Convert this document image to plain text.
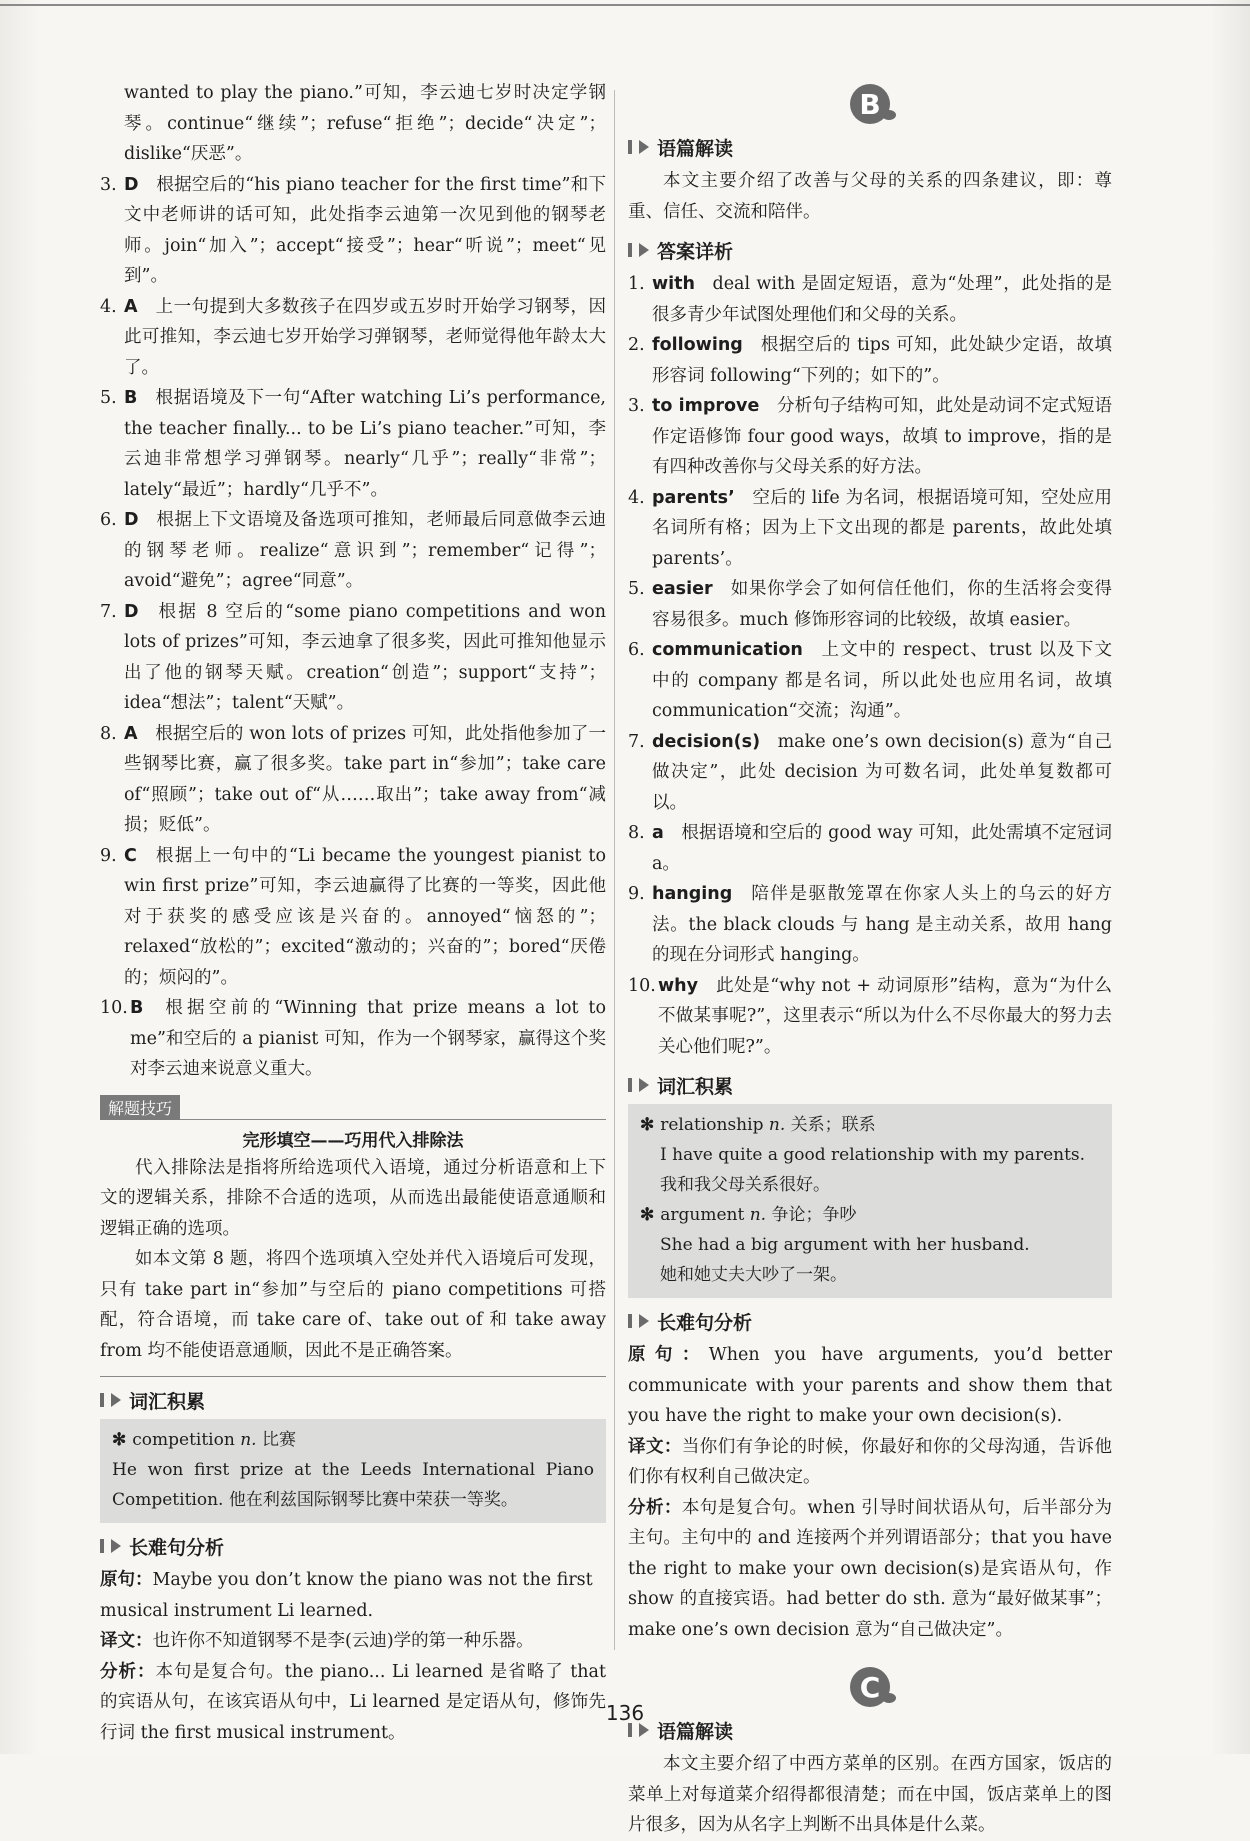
wanted to play the piano.”可知，李云迪七岁时决定学钢琴。continue“继续”；refuse“拒绝”；decide“决定”；dislike“厌恶”。

3. D  根据空后的“his piano teacher for the first time”和下文中老师讲的话可知，此处指李云迪第一次见到他的钢琴老师。join“加入”；accept“接受”；hear“听说”；meet“见到”。

4. A  上一句提到大多数孩子在四岁或五岁时开始学习钢琴，因此可推知，李云迪七岁开始学习弹钢琴，老师觉得他年龄太大了。

5. B  根据语境及下一句“After watching Li’s performance, the teacher finally... to be Li’s piano teacher.”可知，李云迪非常想学习弹钢琴。nearly“几乎”；really“非常”；lately“最近”；hardly“几乎不”。

6. D  根据上下文语境及备选项可推知，老师最后同意做李云迪的钢琴老师。realize“意识到”；remember“记得”；avoid“避免”；agree“同意”。

7. D  根据 8 空后的“some piano competitions and won lots of prizes”可知，李云迪拿了很多奖，因此可推知他显示出了他的钢琴天赋。creation“创造”；support“支持”；idea“想法”；talent“天赋”。

8. A  根据空后的 won lots of prizes 可知，此处指他参加了一些钢琴比赛，赢了很多奖。take part in“参加”；take care of“照顾”；take out of“从……取出”；take away from“减损；贬低”。

9. C  根据上一句中的“Li became the youngest pianist to win first prize”可知，李云迪赢得了比赛的一等奖，因此他对于获奖的感受应该是兴奋的。annoyed“恼怒的”；relaxed“放松的”；excited“激动的；兴奋的”；bored“厌倦的；烦闷的”。

10. B  根据空前的“Winning that prize means a lot to me”和空后的 a pianist 可知，作为一个钢琴家，赢得这个奖对李云迪来说意义重大。

解题技巧
完形填空——巧用代入排除法

代入排除法是指将所给选项代入语境，通过分析语意和上下文的逻辑关系，排除不合适的选项，从而选出最能使语意通顺和逻辑正确的选项。

如本文第 8 题，将四个选项填入空处并代入语境后可发现，只有 take part in“参加”与空后的 piano competitions 可搭配，符合语境，而 take care of、take out of 和 take away from 均不能使语意通顺，因此不是正确答案。

词汇积累

✻ competition n. 比赛

He won first prize at the Leeds International Piano Competition. 他在利兹国际钢琴比赛中荣获一等奖。

长难句分析

原句：Maybe you don’t know the piano was not the first musical instrument Li learned.

译文：也许你不知道钢琴不是李(云迪)学的第一种乐器。

分析：本句是复合句。the piano... Li learned 是省略了 that 的宾语从句，在该宾语从句中，Li learned 是定语从句，修饰先行词 the first musical instrument。

B
语篇解读

本文主要介绍了改善与父母的关系的四条建议，即：尊重、信任、交流和陪伴。

答案详析

1. with  deal with 是固定短语，意为“处理”，此处指的是很多青少年试图处理他们和父母的关系。

2. following  根据空后的 tips 可知，此处缺少定语，故填形容词 following“下列的；如下的”。

3. to improve  分析句子结构可知，此处是动词不定式短语作定语修饰 four good ways，故填 to improve，指的是有四种改善你与父母关系的好方法。

4. parents’  空后的 life 为名词，根据语境可知，空处应用名词所有格；因为上下文出现的都是 parents，故此处填 parents’。

5. easier  如果你学会了如何信任他们，你的生活将会变得容易很多。much 修饰形容词的比较级，故填 easier。

6. communication  上文中的 respect、trust 以及下文中的 company 都是名词，所以此处也应用名词，故填 communication“交流；沟通”。

7. decision(s)  make one’s own decision(s) 意为“自己做决定”，此处 decision 为可数名词，此处单复数都可以。

8. a  根据语境和空后的 good way 可知，此处需填不定冠词 a。

9. hanging  陪伴是驱散笼罩在你家人头上的乌云的好方法。the black clouds 与 hang 是主动关系，故用 hang 的现在分词形式 hanging。

10. why  此处是“why not + 动词原形”结构，意为“为什么不做某事呢?”，这里表示“所以为什么不尽你最大的努力去关心他们呢?”。

词汇积累

✻ relationship n. 关系；联系

I have quite a good relationship with my parents.

我和我父母关系很好。

✻ argument n. 争论；争吵

She had a big argument with her husband.

她和她丈夫大吵了一架。

长难句分析

原句：When you have arguments, you’d better communicate with your parents and show them that you have the right to make your own decision(s).

译文：当你们有争论的时候，你最好和你的父母沟通，告诉他们你有权利自己做决定。

分析：本句是复合句。when 引导时间状语从句，后半部分为主句。主句中的 and 连接两个并列谓语部分；that you have the right to make your own decision(s)是宾语从句，作 show 的直接宾语。had better do sth. 意为“最好做某事”；make one’s own decision 意为“自己做决定”。

C
语篇解读

本文主要介绍了中西方菜单的区别。在西方国家，饭店的菜单上对每道菜介绍得都很清楚；而在中国，饭店菜单上的图片很多，因为从名字上判断不出具体是什么菜。

136
